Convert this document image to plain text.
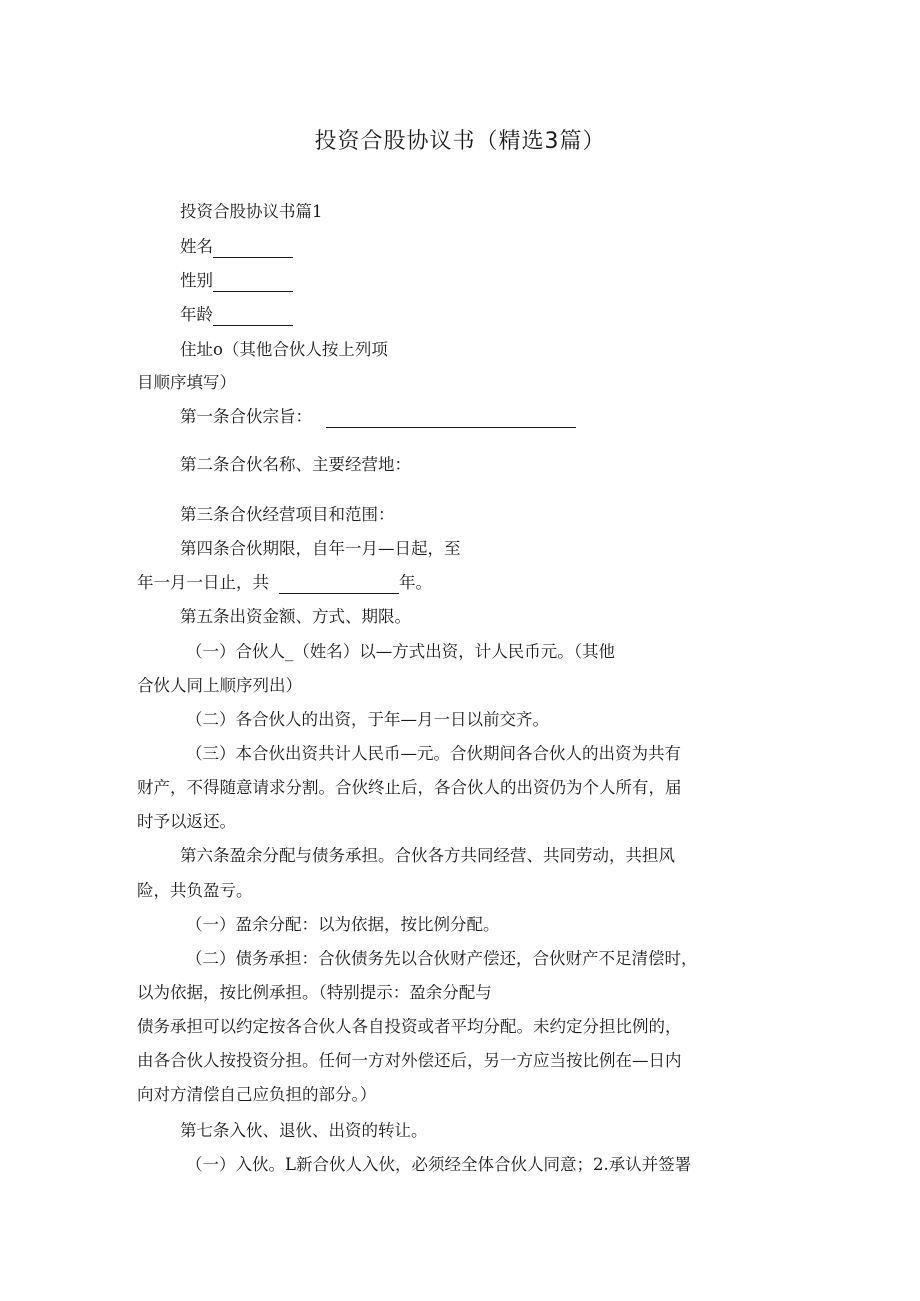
投资合股协议书（精选3篇）
投资合股协议书篇1
姓名
性别
年龄
住址o（其他合伙人按上列项
目顺序填写）
第一条合伙宗旨：
第二条合伙名称、主要经营地：
第三条合伙经营项目和范围：
第四条合伙期限，自年一月—日起，至
年一月一日止，共	年。
第五条出资金额、方式、期限。
（一）合伙人_（姓名）以—方式出资，计人民币元。（其他
合伙人同上顺序列出）
（二）各合伙人的出资，于年—月一日以前交齐。
（三）本合伙出资共计人民币—元。合伙期间各合伙人的出资为共有
财产，不得随意请求分割。合伙终止后，各合伙人的出资仍为个人所有，届
时予以返还。
第六条盈余分配与债务承担。合伙各方共同经营、共同劳动，共担风
险，共负盈亏。
（一）盈余分配：以为依据，按比例分配。
（二）债务承担：合伙债务先以合伙财产偿还，合伙财产不足清偿时，
以为依据，按比例承担。（特别提示：盈余分配与
债务承担可以约定按各合伙人各自投资或者平均分配。未约定分担比例的，
由各合伙人按投资分担。任何一方对外偿还后，另一方应当按比例在—日内
向对方清偿自己应负担的部分。）
第七条入伙、退伙、出资的转让。
（一）入伙。L新合伙人入伙，必须经全体合伙人同意；2.承认并签署
